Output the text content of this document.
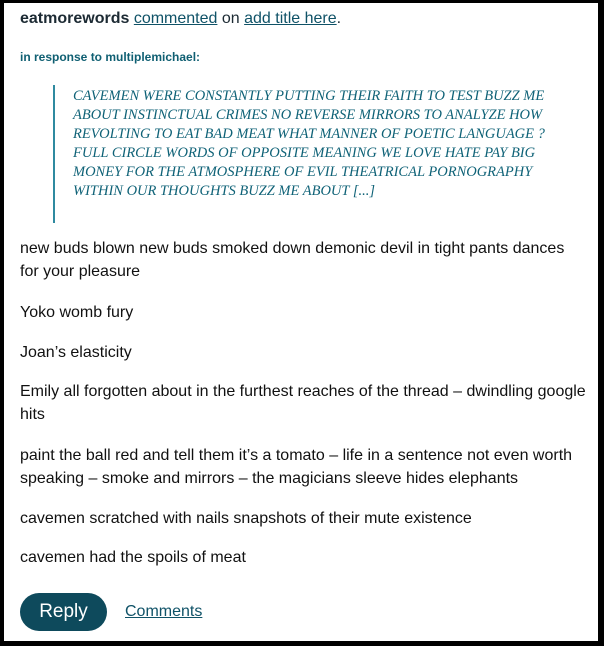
eatmorewords commented on add title here.
in response to multiplemichael:

CAVEMEN WERE CONSTANTLY PUTTING THEIR FAITH TO TEST BUZZ ME ABOUT INSTINCTUAL CRIMES NO REVERSE MIRRORS TO ANALYZE HOW REVOLTING TO EAT BAD MEAT WHAT MANNER OF POETIC LANGUAGE ? FULL CIRCLE WORDS OF OPPOSITE MEANING WE LOVE HATE PAY BIG MONEY FOR THE ATMOSPHERE OF EVIL THEATRICAL PORNOGRAPHY WITHIN OUR THOUGHTS BUZZ ME ABOUT [...]

new buds blown new buds smoked down demonic devil in tight pants dances for your pleasure

Yoko womb fury

Joan’s elasticity

Emily all forgotten about in the furthest reaches of the thread – dwindling google hits

paint the ball red and tell them it’s a tomato – life in a sentence not even worth speaking – smoke and mirrors – the magicians sleeve hides elephants

cavemen scratched with nails snapshots of their mute existence

cavemen had the spoils of meat

Reply	Comments
